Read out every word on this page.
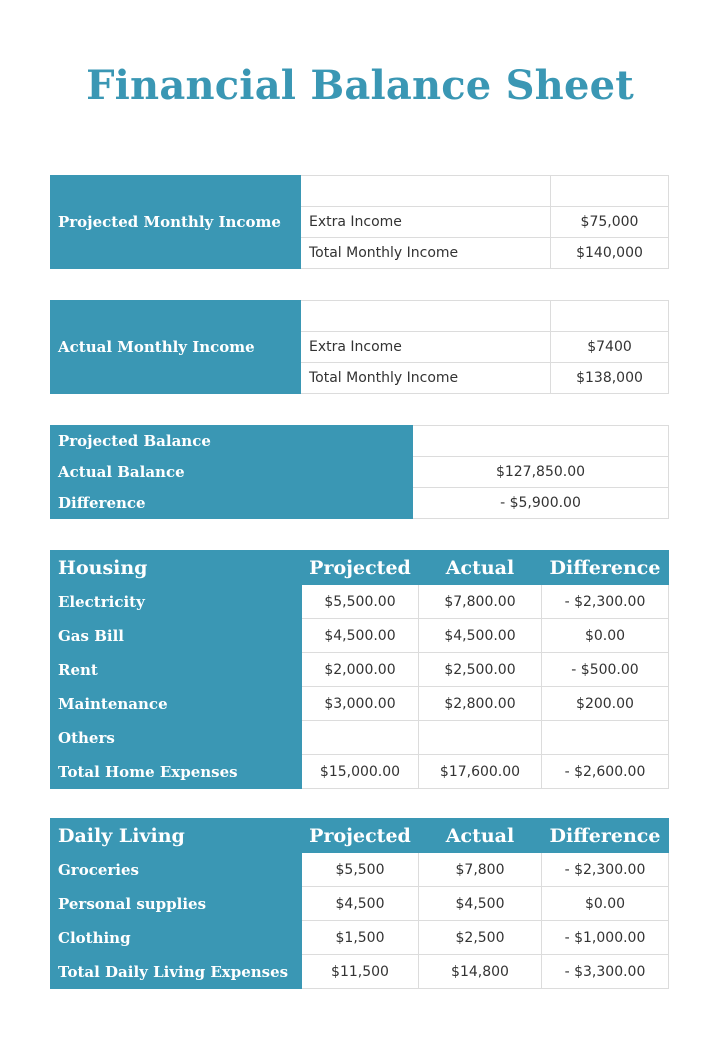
Financial Balance Sheet
Projected Monthly Income		
	Extra Income	$75,000
	Total Monthly Income	$140,000
Actual Monthly Income		
	Extra Income	$7400
	Total Monthly Income	$138,000
Projected Balance	
Actual Balance	$127,850.00
Difference	- $5,900.00
Housing	Projected	Actual	Difference
Electricity	$5,500.00	$7,800.00	- $2,300.00
Gas Bill	$4,500.00	$4,500.00	$0.00
Rent	$2,000.00	$2,500.00	- $500.00
Maintenance	$3,000.00	$2,800.00	$200.00
Others			
Total Home Expenses	$15,000.00	$17,600.00	- $2,600.00
Daily Living	Projected	Actual	Difference
Groceries	$5,500	$7,800	- $2,300.00
Personal supplies	$4,500	$4,500	$0.00
Clothing	$1,500	$2,500	- $1,000.00
Total Daily Living Expenses	$11,500	$14,800	- $3,300.00
